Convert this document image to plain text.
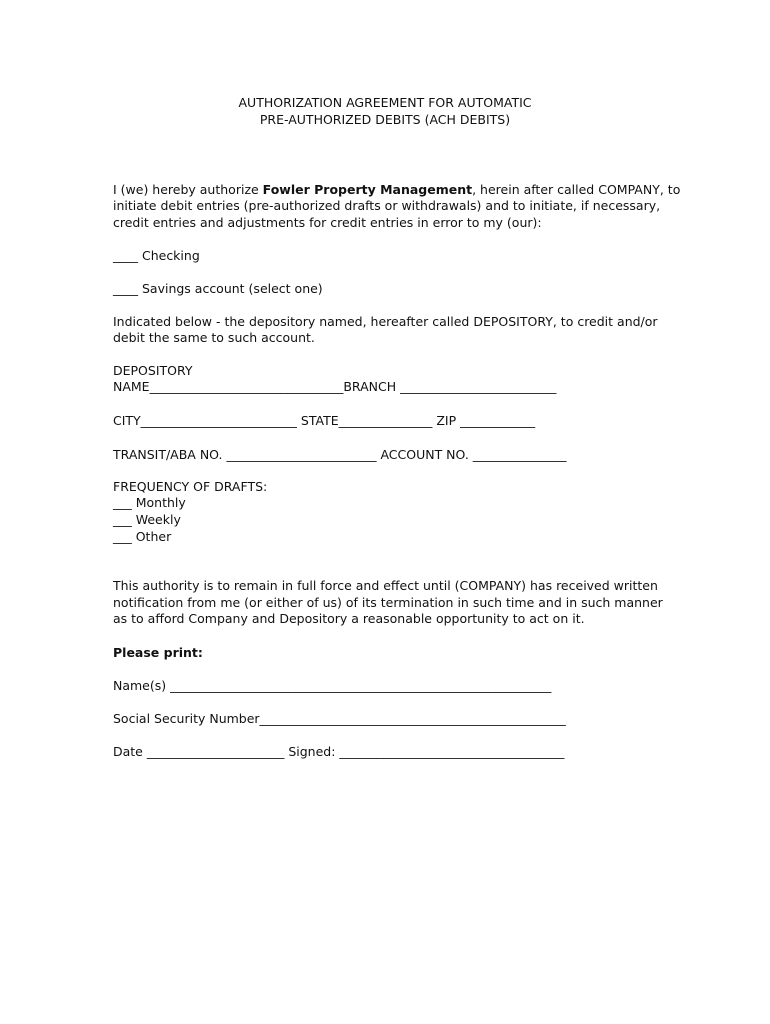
AUTHORIZATION AGREEMENT FOR AUTOMATIC
PRE-AUTHORIZED DEBITS (ACH DEBITS)
I (we) hereby authorize Fowler Property Management, herein after called COMPANY, to
initiate debit entries (pre-authorized drafts or withdrawals) and to initiate, if necessary,
credit entries and adjustments for credit entries in error to my (our):
____ Checking
____ Savings account (select one)
Indicated below - the depository named, hereafter called DEPOSITORY, to credit and/or
debit the same to such account.
DEPOSITORY
NAME_______________________________BRANCH _________________________
CITY_________________________ STATE_______________ ZIP ____________
TRANSIT/ABA NO. ________________________ ACCOUNT NO. _______________
FREQUENCY OF DRAFTS:
___ Monthly
___ Weekly
___ Other
This authority is to remain in full force and effect until (COMPANY) has received written
notification from me (or either of us) of its termination in such time and in such manner
as to afford Company and Depository a reasonable opportunity to act on it.
Please print:
Name(s) _____________________________________________________________
Social Security Number_________________________________________________
Date ______________________ Signed: ____________________________________
